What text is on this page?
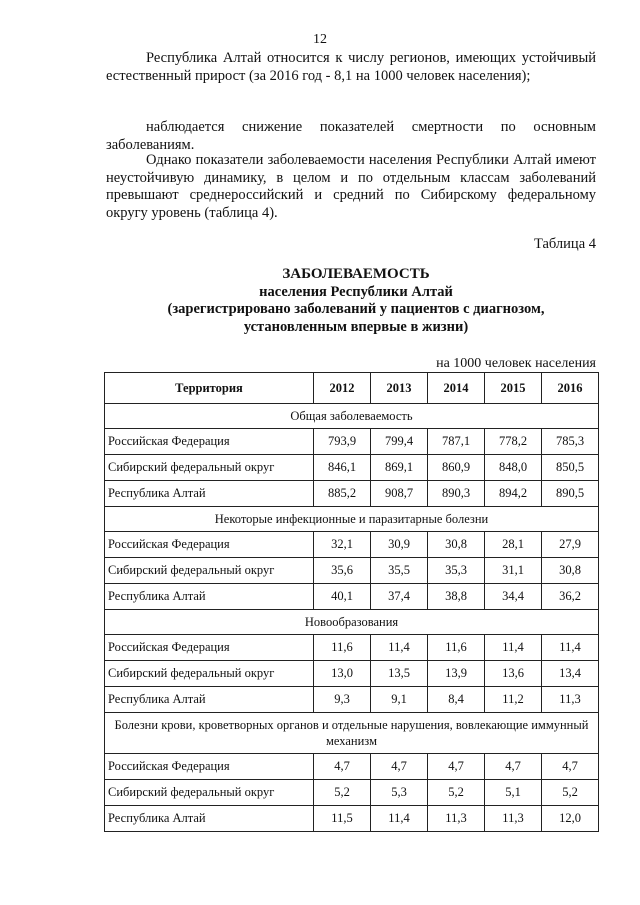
12

Республика Алтай относится к числу регионов, имеющих устойчивый естественный прирост (за 2016 год - 8,1 на 1000 человек населения);

наблюдается снижение показателей смертности по основным заболеваниям.

Однако показатели заболеваемости населения Республики Алтай имеют неустойчивую динамику, в целом и по отдельным классам заболеваний превышают среднероссийский и средний по Сибирскому федеральному округу уровень (таблица 4).

Таблица 4
ЗАБОЛЕВАЕМОСТЬ
населения Республики Алтай
(зарегистрировано заболеваний у пациентов с диагнозом,
установленным впервые в жизни)
на 1000 человек населения
Территория	2012	2013	2014	2015	2016
Общая заболеваемость					
Российская Федерация	793,9	799,4	787,1	778,2	785,3
Сибирский федеральный округ	846,1	869,1	860,9	848,0	850,5
Республика Алтай	885,2	908,7	890,3	894,2	890,5
Некоторые инфекционные и паразитарные болезни					
Российская Федерация	32,1	30,9	30,8	28,1	27,9
Сибирский федеральный округ	35,6	35,5	35,3	31,1	30,8
Республика Алтай	40,1	37,4	38,8	34,4	36,2
Новообразования					
Российская Федерация	11,6	11,4	11,6	11,4	11,4
Сибирский федеральный округ	13,0	13,5	13,9	13,6	13,4
Республика Алтай	9,3	9,1	8,4	11,2	11,3
Болезни крови, кроветворных органов и отдельные нарушения, вовлекающие иммунный механизм					
Российская Федерация	4,7	4,7	4,7	4,7	4,7
Сибирский федеральный округ	5,2	5,3	5,2	5,1	5,2
Республика Алтай	11,5	11,4	11,3	11,3	12,0
